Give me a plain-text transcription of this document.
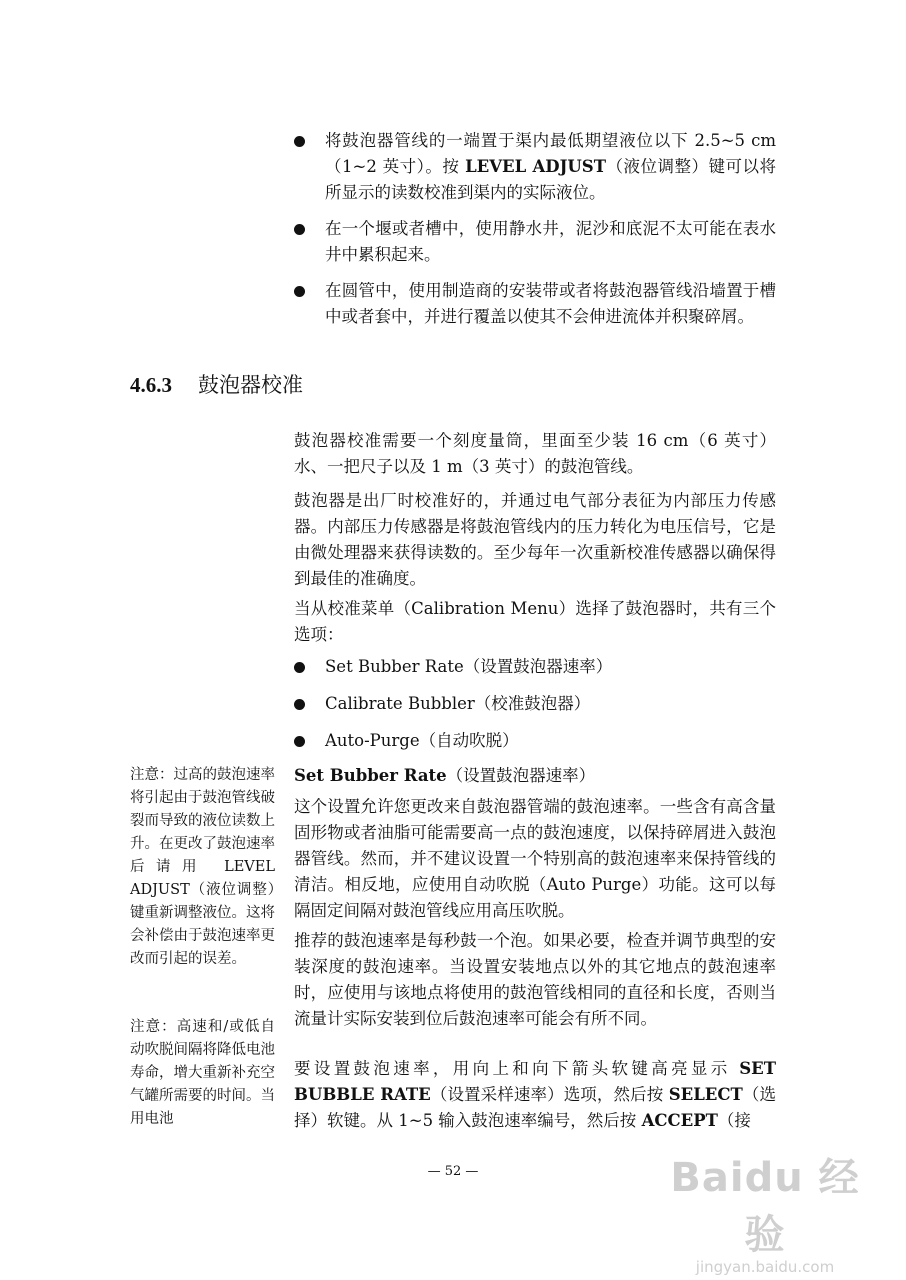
将鼓泡器管线的一端置于渠内最低期望液位以下 2.5~5 cm（1~2 英寸）。按 LEVEL ADJUST（液位调整）键可以将所显示的读数校准到渠内的实际液位。

在一个堰或者槽中，使用静水井，泥沙和底泥不太可能在表水井中累积起来。

在圆管中，使用制造商的安装带或者将鼓泡器管线沿墙置于槽中或者套中，并进行覆盖以使其不会伸进流体并积聚碎屑。

4.6.3 鼓泡器校准
鼓泡器校准需要一个刻度量筒，里面至少装 16 cm（6 英寸）水、一把尺子以及 1 m（3 英寸）的鼓泡管线。
鼓泡器是出厂时校准好的，并通过电气部分表征为内部压力传感器。内部压力传感器是将鼓泡管线内的压力转化为电压信号，它是由微处理器来获得读数的。至少每年一次重新校准传感器以确保得到最佳的准确度。
当从校准菜单（Calibration Menu）选择了鼓泡器时，共有三个选项：

Set Bubber Rate（设置鼓泡器速率）

Calibrate Bubbler（校准鼓泡器）

Auto-Purge（自动吹脱）

Set Bubber Rate（设置鼓泡器速率）
这个设置允许您更改来自鼓泡器管端的鼓泡速率。一些含有高含量固形物或者油脂可能需要高一点的鼓泡速度，以保持碎屑进入鼓泡器管线。然而，并不建议设置一个特别高的鼓泡速率来保持管线的清洁。相反地，应使用自动吹脱（Auto Purge）功能。这可以每隔固定间隔对鼓泡管线应用高压吹脱。
推荐的鼓泡速率是每秒鼓一个泡。如果必要，检查并调节典型的安装深度的鼓泡速率。当设置安装地点以外的其它地点的鼓泡速率时，应使用与该地点将使用的鼓泡管线相同的直径和长度，否则当流量计实际安装到位后鼓泡速率可能会有所不同。
要设置鼓泡速率，用向上和向下箭头软键高亮显示 SET BUBBLE RATE（设置采样速率）选项，然后按 SELECT（选择）软键。从 1~5 输入鼓泡速率编号，然后按 ACCEPT（接
注意：过高的鼓泡速率将引起由于鼓泡管线破裂而导致的液位读数上升。在更改了鼓泡速率后请用 LEVEL ADJUST（液位调整）键重新调整液位。这将会补偿由于鼓泡速率更改而引起的误差。
注意：高速和/或低自动吹脱间隔将降低电池寿命，增大重新补充空气罐所需要的时间。当用电池
— 52 —	Baidu 经验
jingyan.baidu.com
